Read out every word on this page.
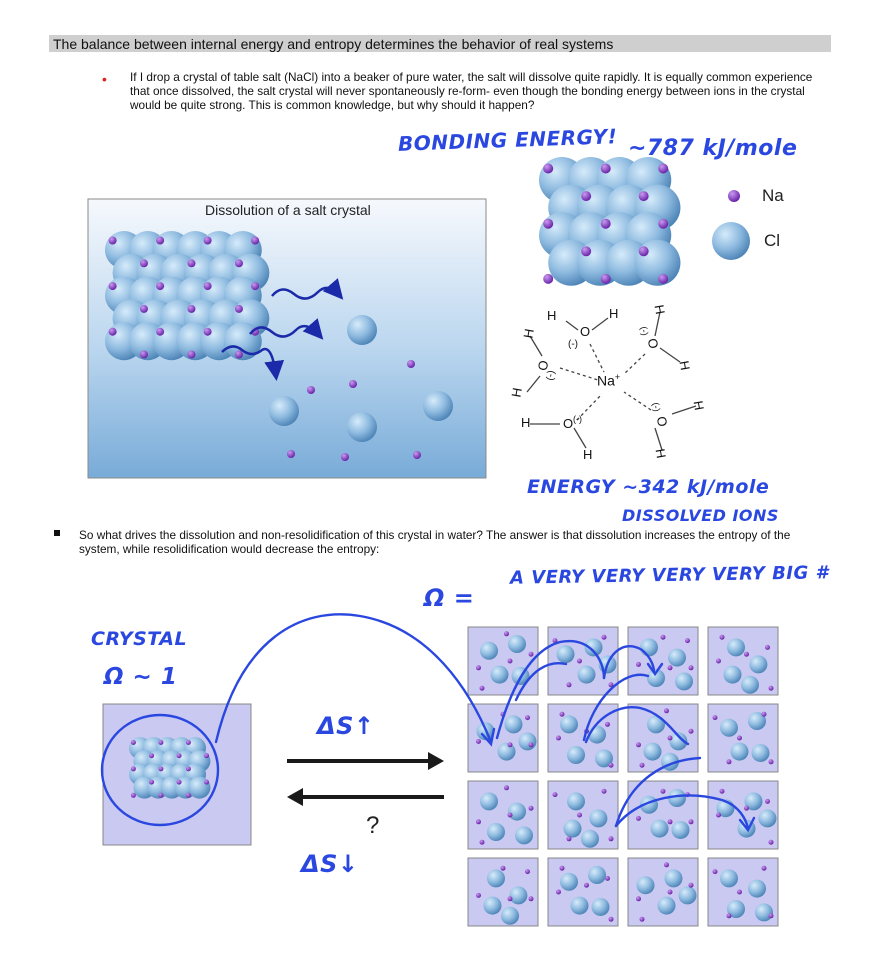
The balance between internal energy and entropy determines the behavior of real systems
• If I drop a crystal of table salt (NaCl) into a beaker of pure water, the salt will dissolve quite rapidly. It is equally common experience that once dissolved, the salt crystal will never spontaneously re-form- even though the bonding energy between ions in the crystal would be quite strong. This is common knowledge, but why should it happen?
Dissolution of a salt crystal
Na
Cl
H	H
O
(-)
H
O
(-)
H
Na+
H	O (-)
H
H
O
(-)
H
(-)
O
H
H
BONDING ENERGY! ~787 kJ/mole
ENERGY ~342 kJ/mole
DISSOLVED IONS
Ω =
A VERY VERY VERY VERY BIG #
CRYSTAL
Ω ~ 1
ΔS↑
ΔS↓
?
So what drives the dissolution and non-resolidification of this crystal in water? The answer is that dissolution increases the entropy of the system, while resolidification would decrease the entropy:
